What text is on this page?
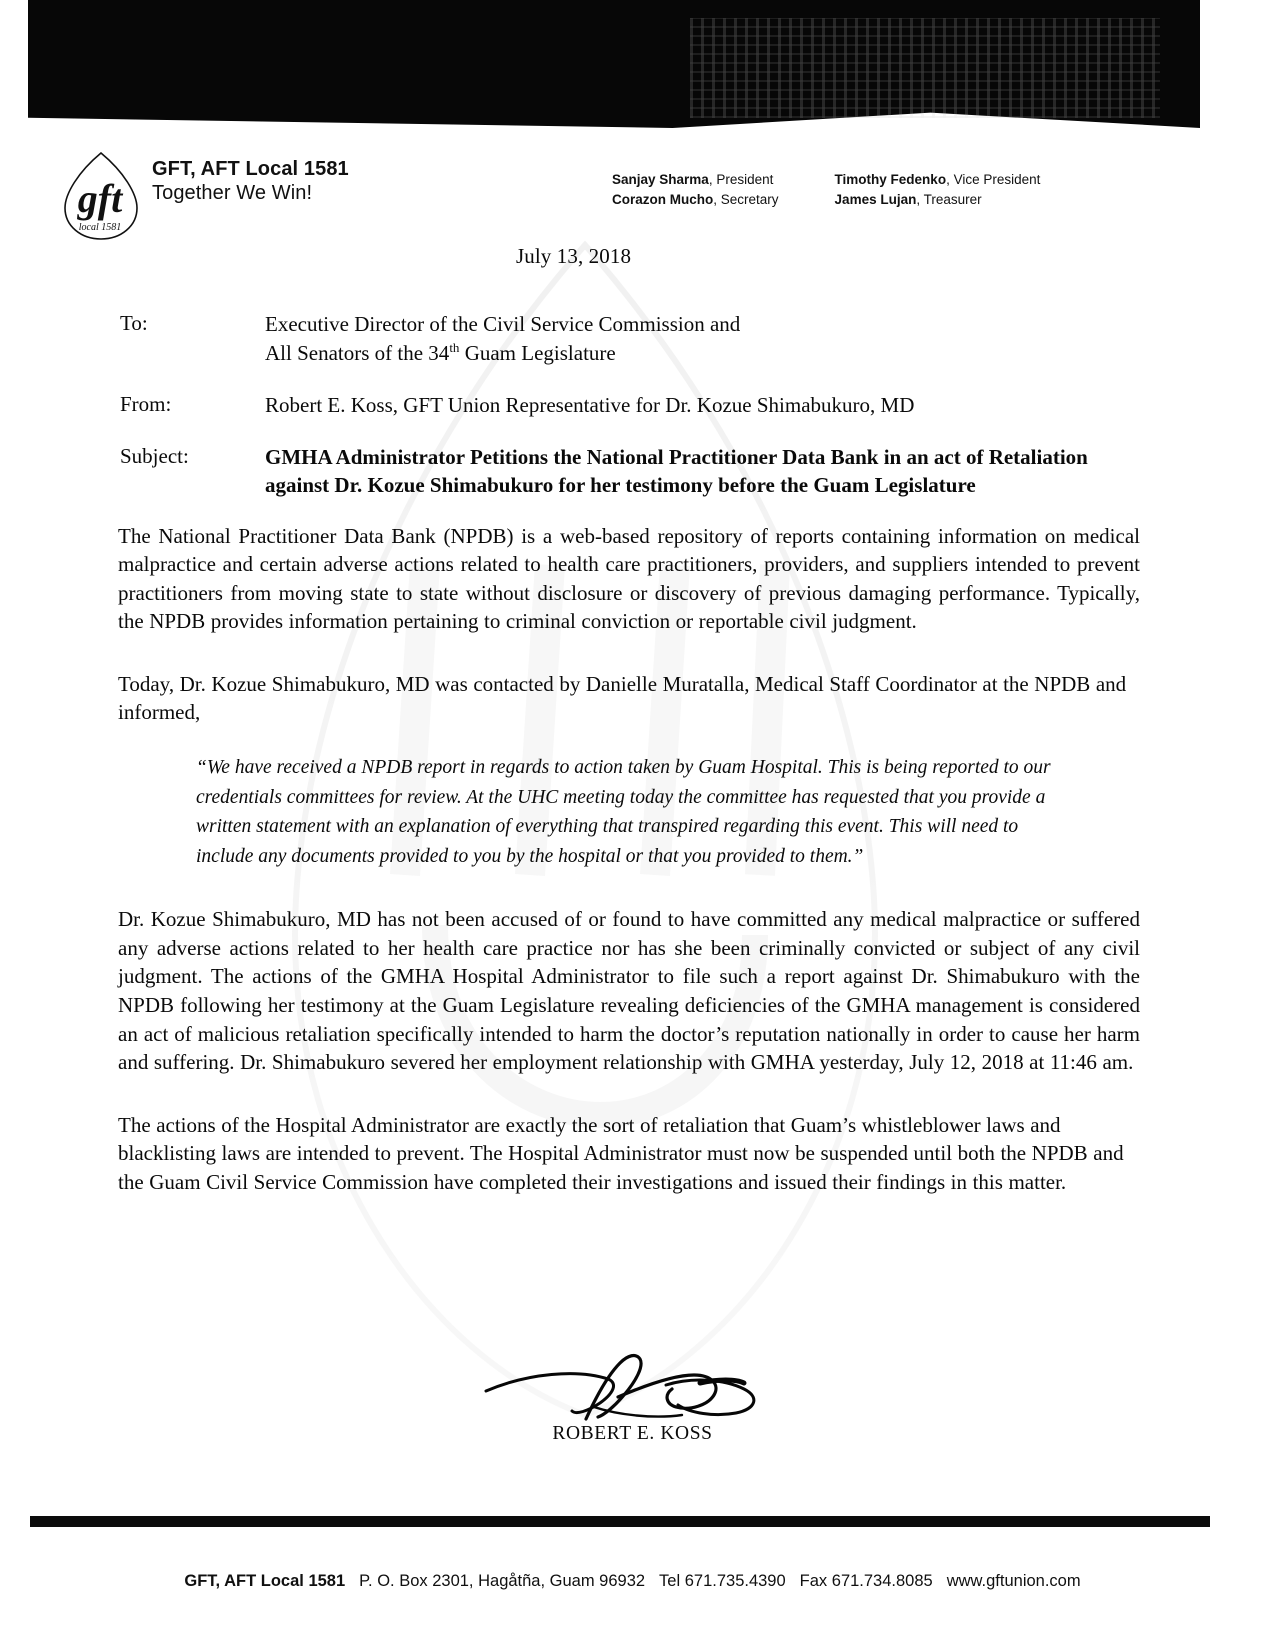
gft
local 1581
GFT, AFT Local 1581
Together We Win!
Sanjay Sharma, President
Corazon Mucho, Secretary
Timothy Fedenko, Vice President
James Lujan, Treasurer
July 13, 2018
To:	Executive Director of the Civil Service Commission and
All Senators of the 34th Guam Legislature
From:	Robert E. Koss, GFT Union Representative for Dr. Kozue Shimabukuro, MD
Subject:	GMHA Administrator Petitions the National Practitioner Data Bank in an act of Retaliation against Dr. Kozue Shimabukuro for her testimony before the Guam Legislature

The National Practitioner Data Bank (NPDB) is a web-based repository of reports containing information on medical malpractice and certain adverse actions related to health care practitioners, providers, and suppliers intended to prevent practitioners from moving state to state without disclosure or discovery of previous damaging performance. Typically, the NPDB provides information pertaining to criminal conviction or reportable civil judgment.

Today, Dr. Kozue Shimabukuro, MD was contacted by Danielle Muratalla, Medical Staff Coordinator at the NPDB and informed,

“We have received a NPDB report in regards to action taken by Guam Hospital. This is being reported to our credentials committees for review. At the UHC meeting today the committee has requested that you provide a written statement with an explanation of everything that transpired regarding this event. This will need to include any documents provided to you by the hospital or that you provided to them.”

Dr. Kozue Shimabukuro, MD has not been accused of or found to have committed any medical malpractice or suffered any adverse actions related to her health care practice nor has she been criminally convicted or subject of any civil judgment. The actions of the GMHA Hospital Administrator to file such a report against Dr. Shimabukuro with the NPDB following her testimony at the Guam Legislature revealing deficiencies of the GMHA management is considered an act of malicious retaliation specifically intended to harm the doctor’s reputation nationally in order to cause her harm and suffering. Dr. Shimabukuro severed her employment relationship with GMHA yesterday, July 12, 2018 at 11:46 am.

The actions of the Hospital Administrator are exactly the sort of retaliation that Guam’s whistleblower laws and blacklisting laws are intended to prevent. The Hospital Administrator must now be suspended until both the NPDB and the Guam Civil Service Commission have completed their investigations and issued their findings in this matter.

ROBERT E. KOSS
GFT, AFT Local 1581 P. O. Box 2301, Hagåtña, Guam 96932 Tel 671.735.4390 Fax 671.734.8085 www.gftunion.com
